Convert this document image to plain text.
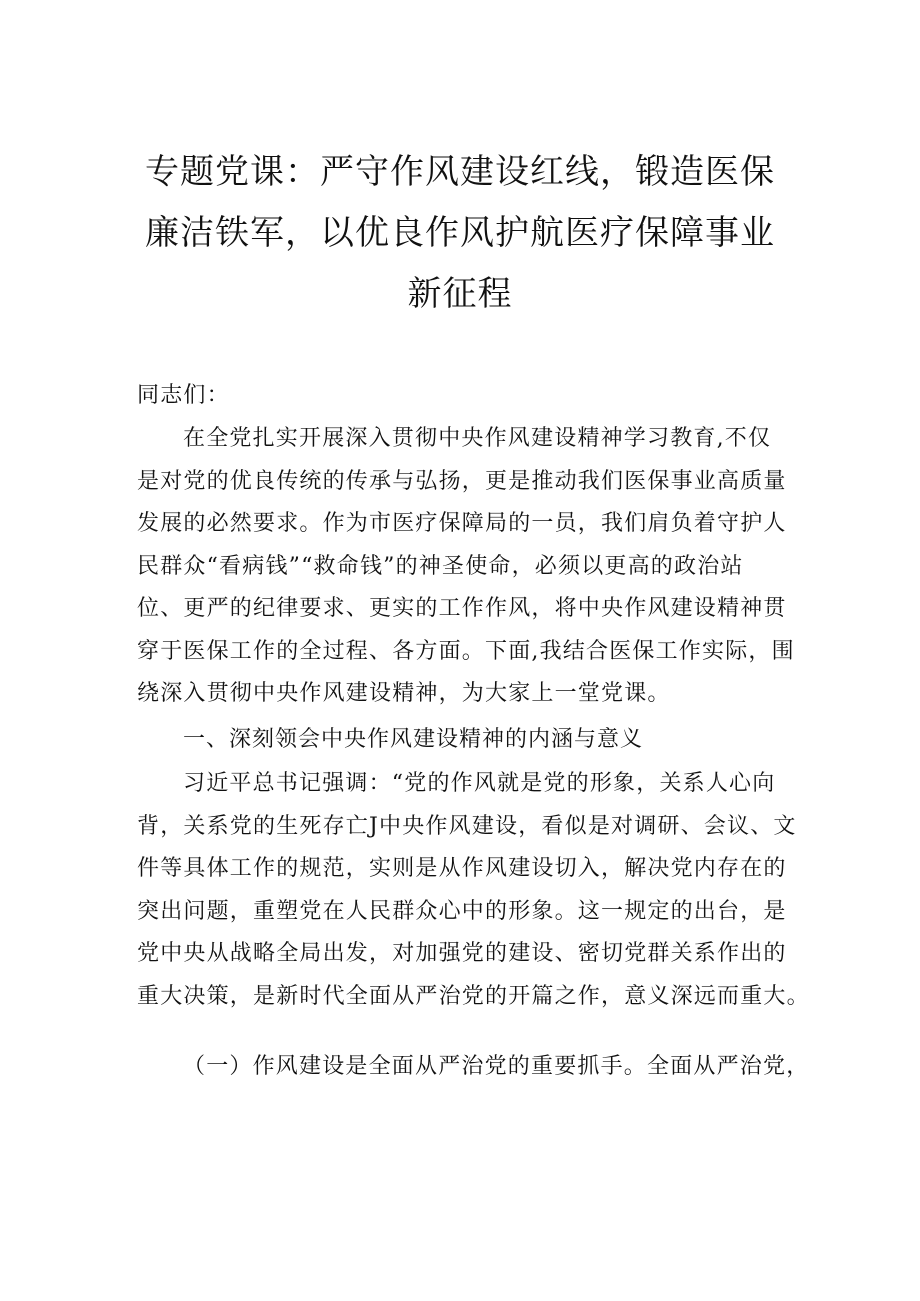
专题党课：严守作风建设红线，锻造医保
廉洁铁军，以优良作风护航医疗保障事业
新征程

同志们：

在全党扎实开展深入贯彻中央作风建设精神学习教育,不仅
是对党的优良传统的传承与弘扬，更是推动我们医保事业高质量
发展的必然要求。作为市医疗保障局的一员，我们肩负着守护人
民群众“看病钱”“救命钱”的神圣使命，必须以更高的政治站
位、更严的纪律要求、更实的工作作风，将中央作风建设精神贯
穿于医保工作的全过程、各方面。下面,我结合医保工作实际，围
绕深入贯彻中央作风建设精神，为大家上一堂党课。
一、深刻领会中央作风建设精神的内涵与意义
习近平总书记强调：“党的作风就是党的形象，关系人心向
背，关系党的生死存亡J中央作风建设，看似是对调研、会议、文
件等具体工作的规范，实则是从作风建设切入，解决党内存在的
突出问题，重塑党在人民群众心中的形象。这一规定的出台，是
党中央从战略全局出发，对加强党的建设、密切党群关系作出的
重大决策，是新时代全面从严治党的开篇之作，意义深远而重大。
（一）作风建设是全面从严治党的重要抓手。全面从严治党，
